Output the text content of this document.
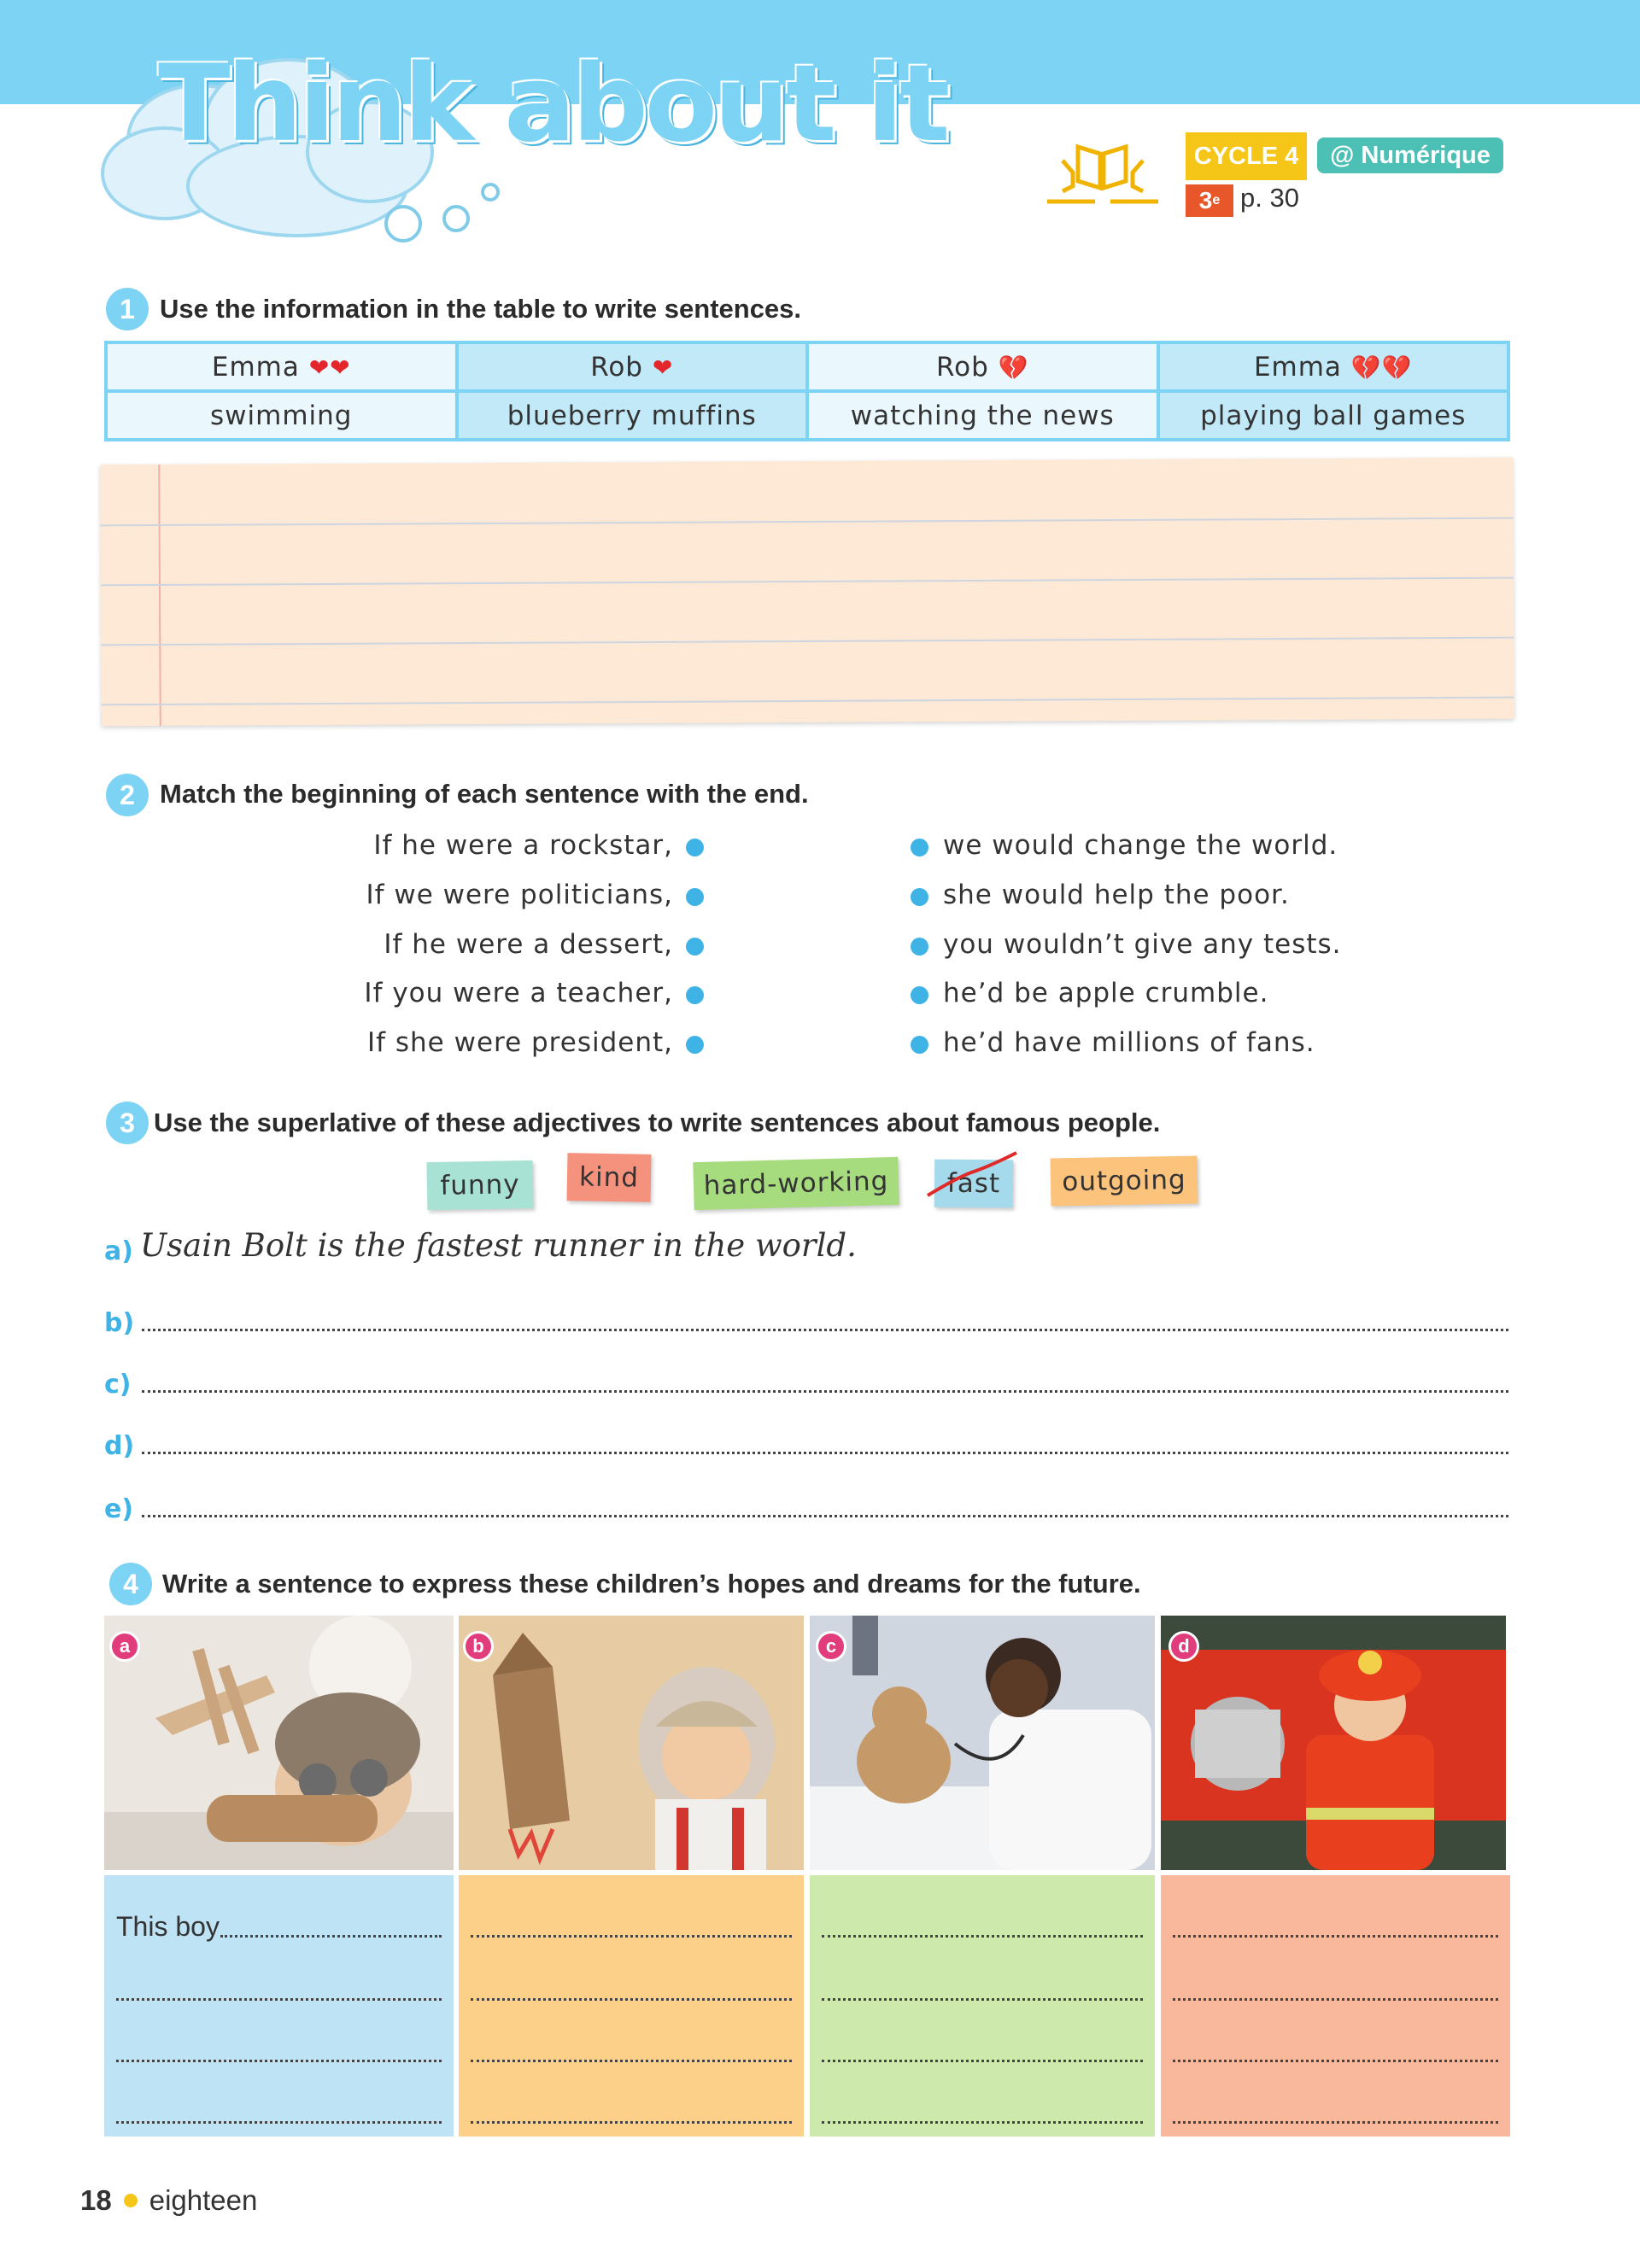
Think about it	CYCLE 4	@ Numérique
3 e p. 30
1 Use the information in the table to write sentences.
Emma ❤❤	Rob ❤	Rob 💔	Emma 💔💔
swimming	blueberry muffins	watching the news	playing ball games
2 Match the beginning of each sentence with the end.
If he were a rockstar,
If we were politicians,
If he were a dessert,
If you were a teacher,
If she were president,
we would change the world.
she would help the poor.
you wouldn’t give any tests.
he’d be apple crumble.
he’d have millions of fans.
3 Use the superlative of these adjectives to write sentences about famous people.
funny	kind	hard-working	fast	outgoing
a) Usain Bolt is the fastest runner in the world.
b)
c)
d)
e)
4 Write a sentence to express these children’s hopes and dreams for the future.
a	b	c	d
This boy
18 eighteen
